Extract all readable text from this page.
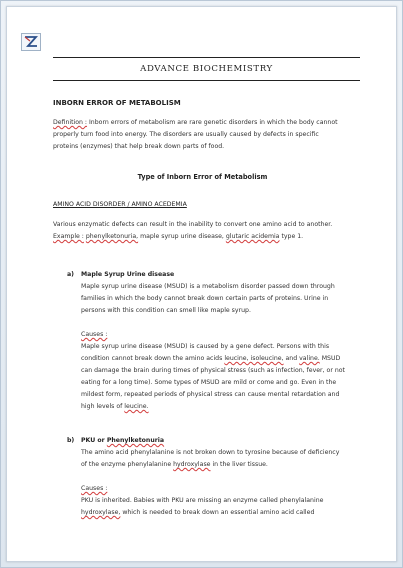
ADVANCE BIOCHEMISTRY
INBORN ERROR OF METABOLISM
Definition : Inborn errors of metabolism are rare genetic disorders in which the body cannot
properly turn food into energy. The disorders are usually caused by defects in specific
proteins (enzymes) that help break down parts of food.
Type of Inborn Error of Metabolism
AMINO ACID DISORDER / AMINO ACEDEMIA
Various enzymatic defects can result in the inability to convert one amino acid to another.
Example : phenylketonuria, maple syrup urine disease, glutaric acidemia type 1.
a) Maple Syrup Urine disease
Maple syrup urine disease (MSUD) is a metabolism disorder passed down through
families in which the body cannot break down certain parts of proteins. Urine in
persons with this condition can smell like maple syrup.
Causes :
Maple syrup urine disease (MSUD) is caused by a gene defect. Persons with this
condition cannot break down the amino acids leucine, isoleucine, and valine. MSUD
can damage the brain during times of physical stress (such as infection, fever, or not
eating for a long time). Some types of MSUD are mild or come and go. Even in the
mildest form, repeated periods of physical stress can cause mental retardation and
high levels of leucine.
b) PKU or Phenylketonuria
The amino acid phenylalanine is not broken down to tyrosine because of deficiency
of the enzyme phenylalanine hydroxylase in the liver tissue.
Causes :
PKU is inherited. Babies with PKU are missing an enzyme called phenylalanine
hydroxylase, which is needed to break down an essential amino acid called
